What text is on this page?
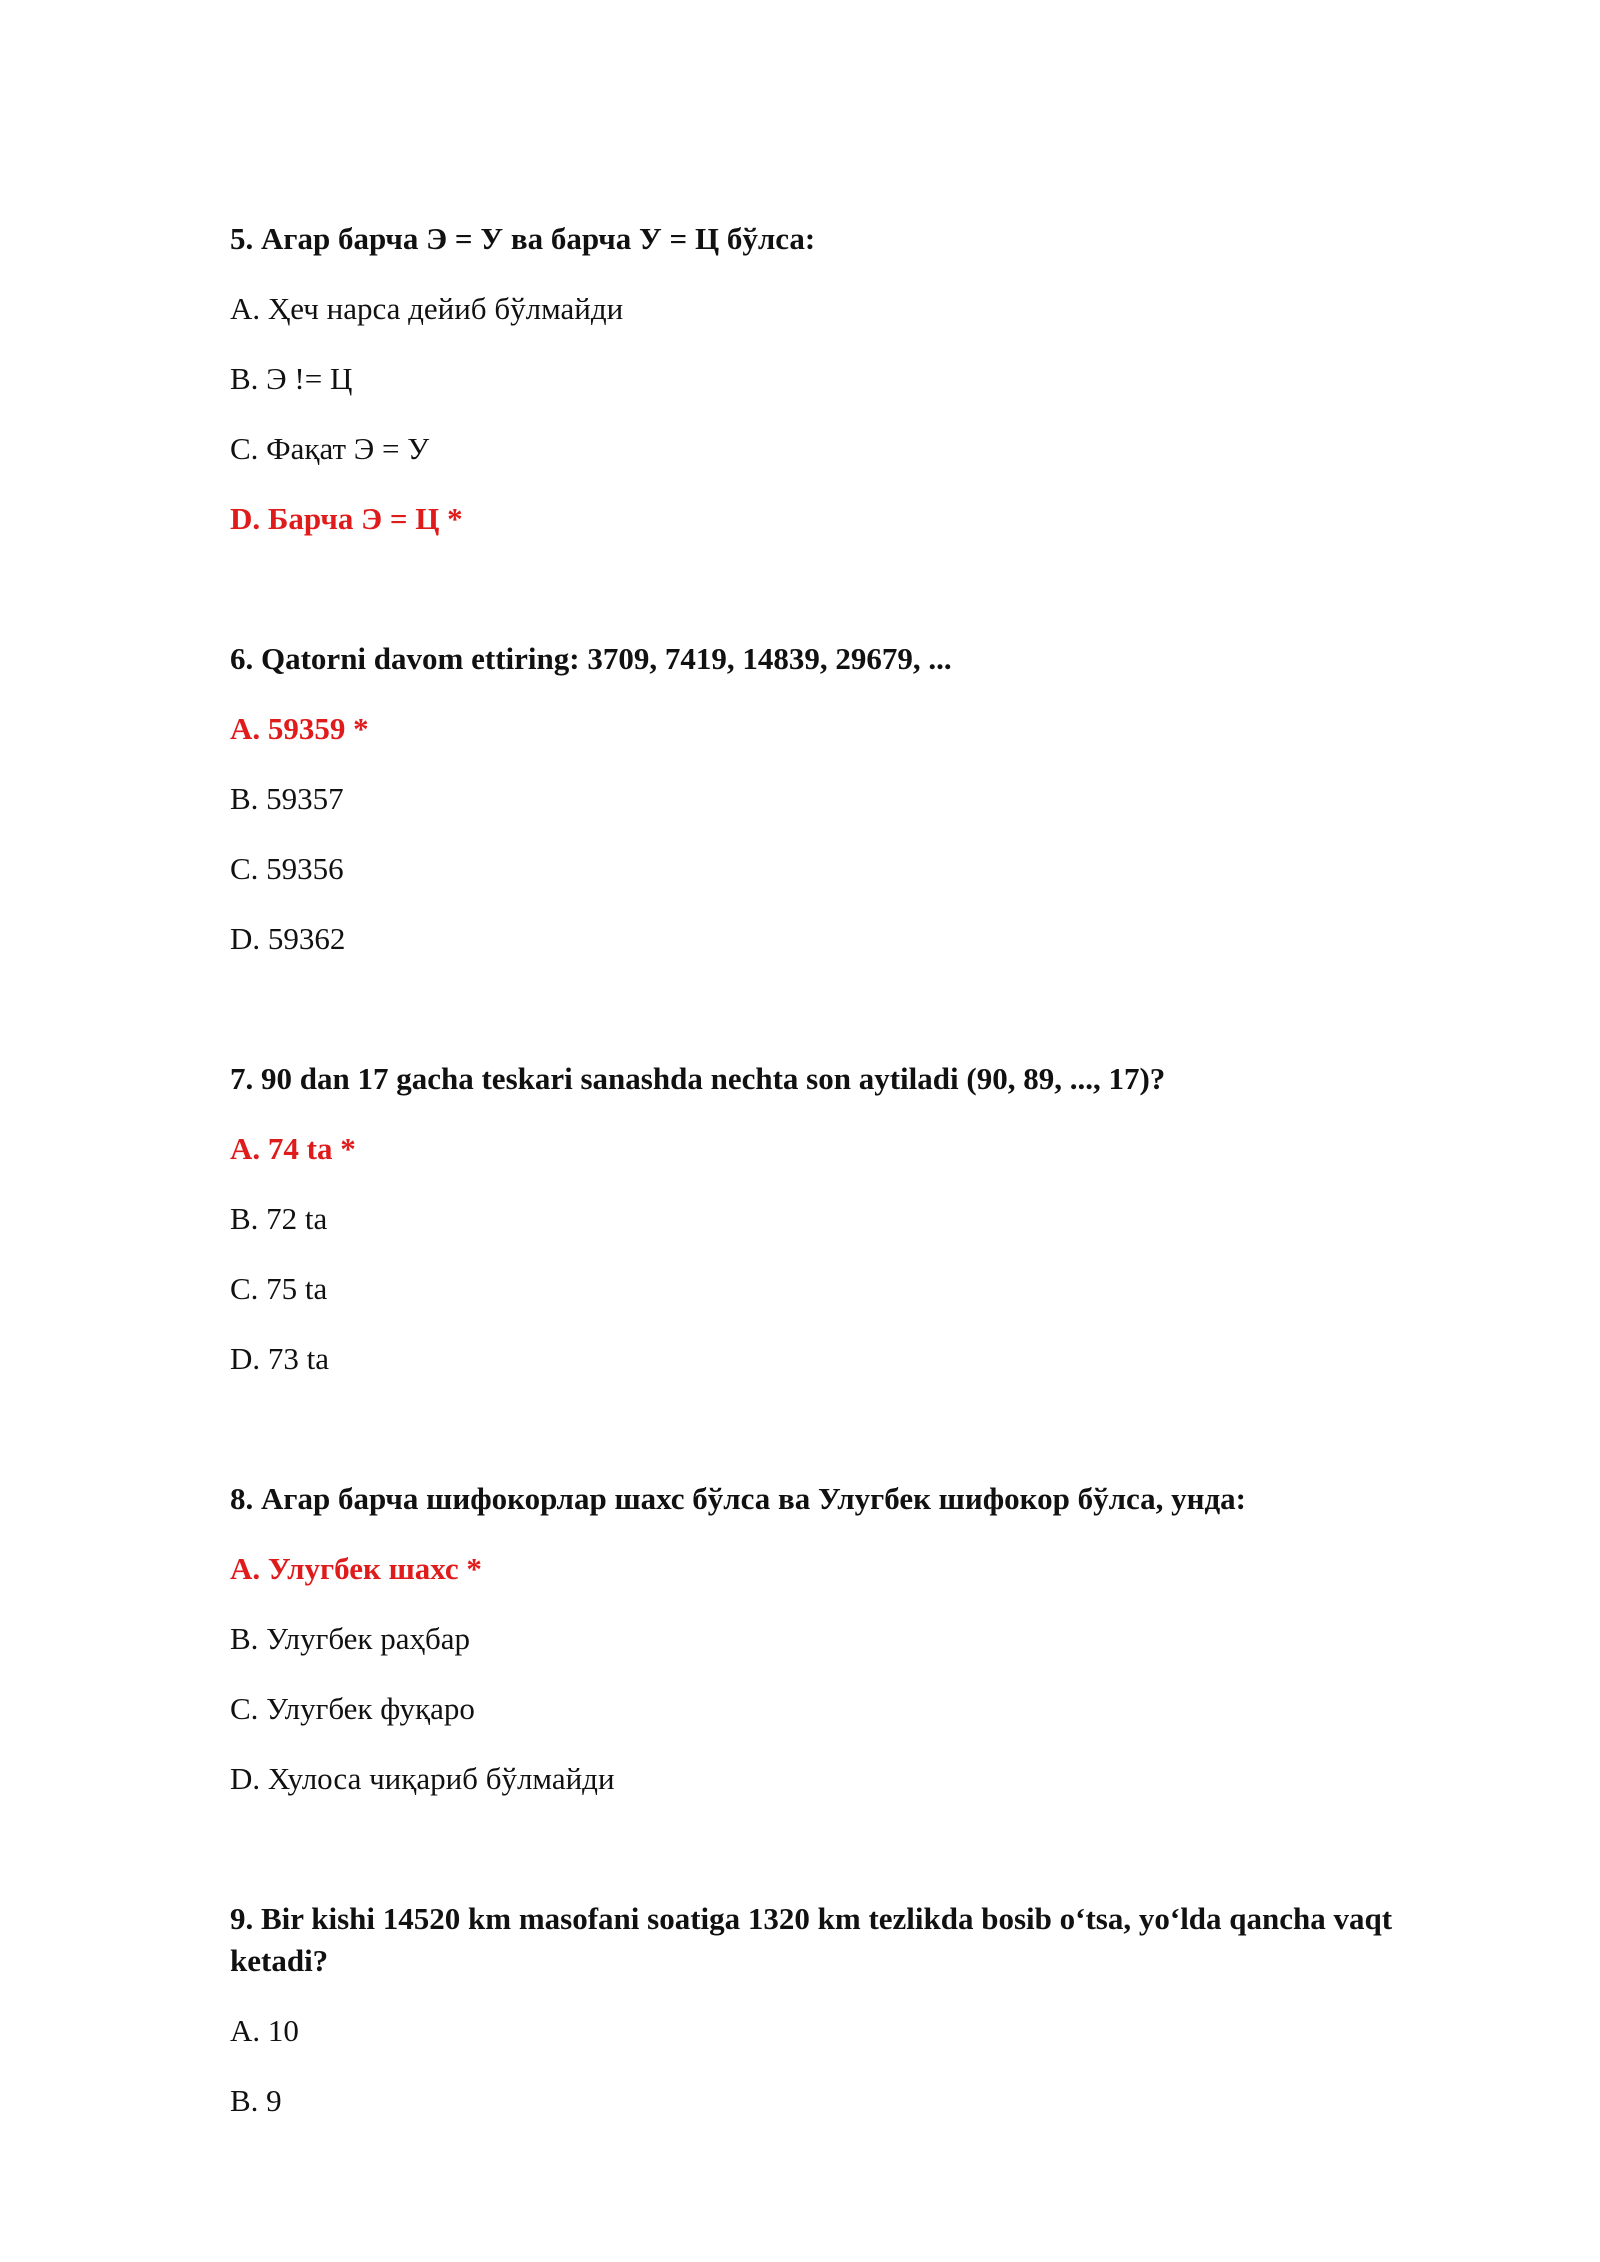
5. Агар барча Э = У ва барча У = Ц бўлса:
A. Ҳеч нарса дейиб бўлмайди
B. Э != Ц
C. Фақат Э = У
D. Барча Э = Ц *
6. Qatorni davom ettiring: 3709, 7419, 14839, 29679, ...
A. 59359 *
B. 59357
C. 59356
D. 59362
7. 90 dan 17 gacha teskari sanashda nechta son aytiladi (90, 89, ..., 17)?
A. 74 ta *
B. 72 ta
C. 75 ta
D. 73 ta
8. Агар барча шифокорлар шахс бўлса ва Улугбек шифокор бўлса, унда:
A. Улугбек шахс *
B. Улугбек раҳбар
C. Улугбек фуқаро
D. Хулоса чиқариб бўлмайди
9. Bir kishi 14520 km masofani soatiga 1320 km tezlikda bosib o‘tsa, yo‘lda qancha vaqt ketadi?
A. 10
B. 9
